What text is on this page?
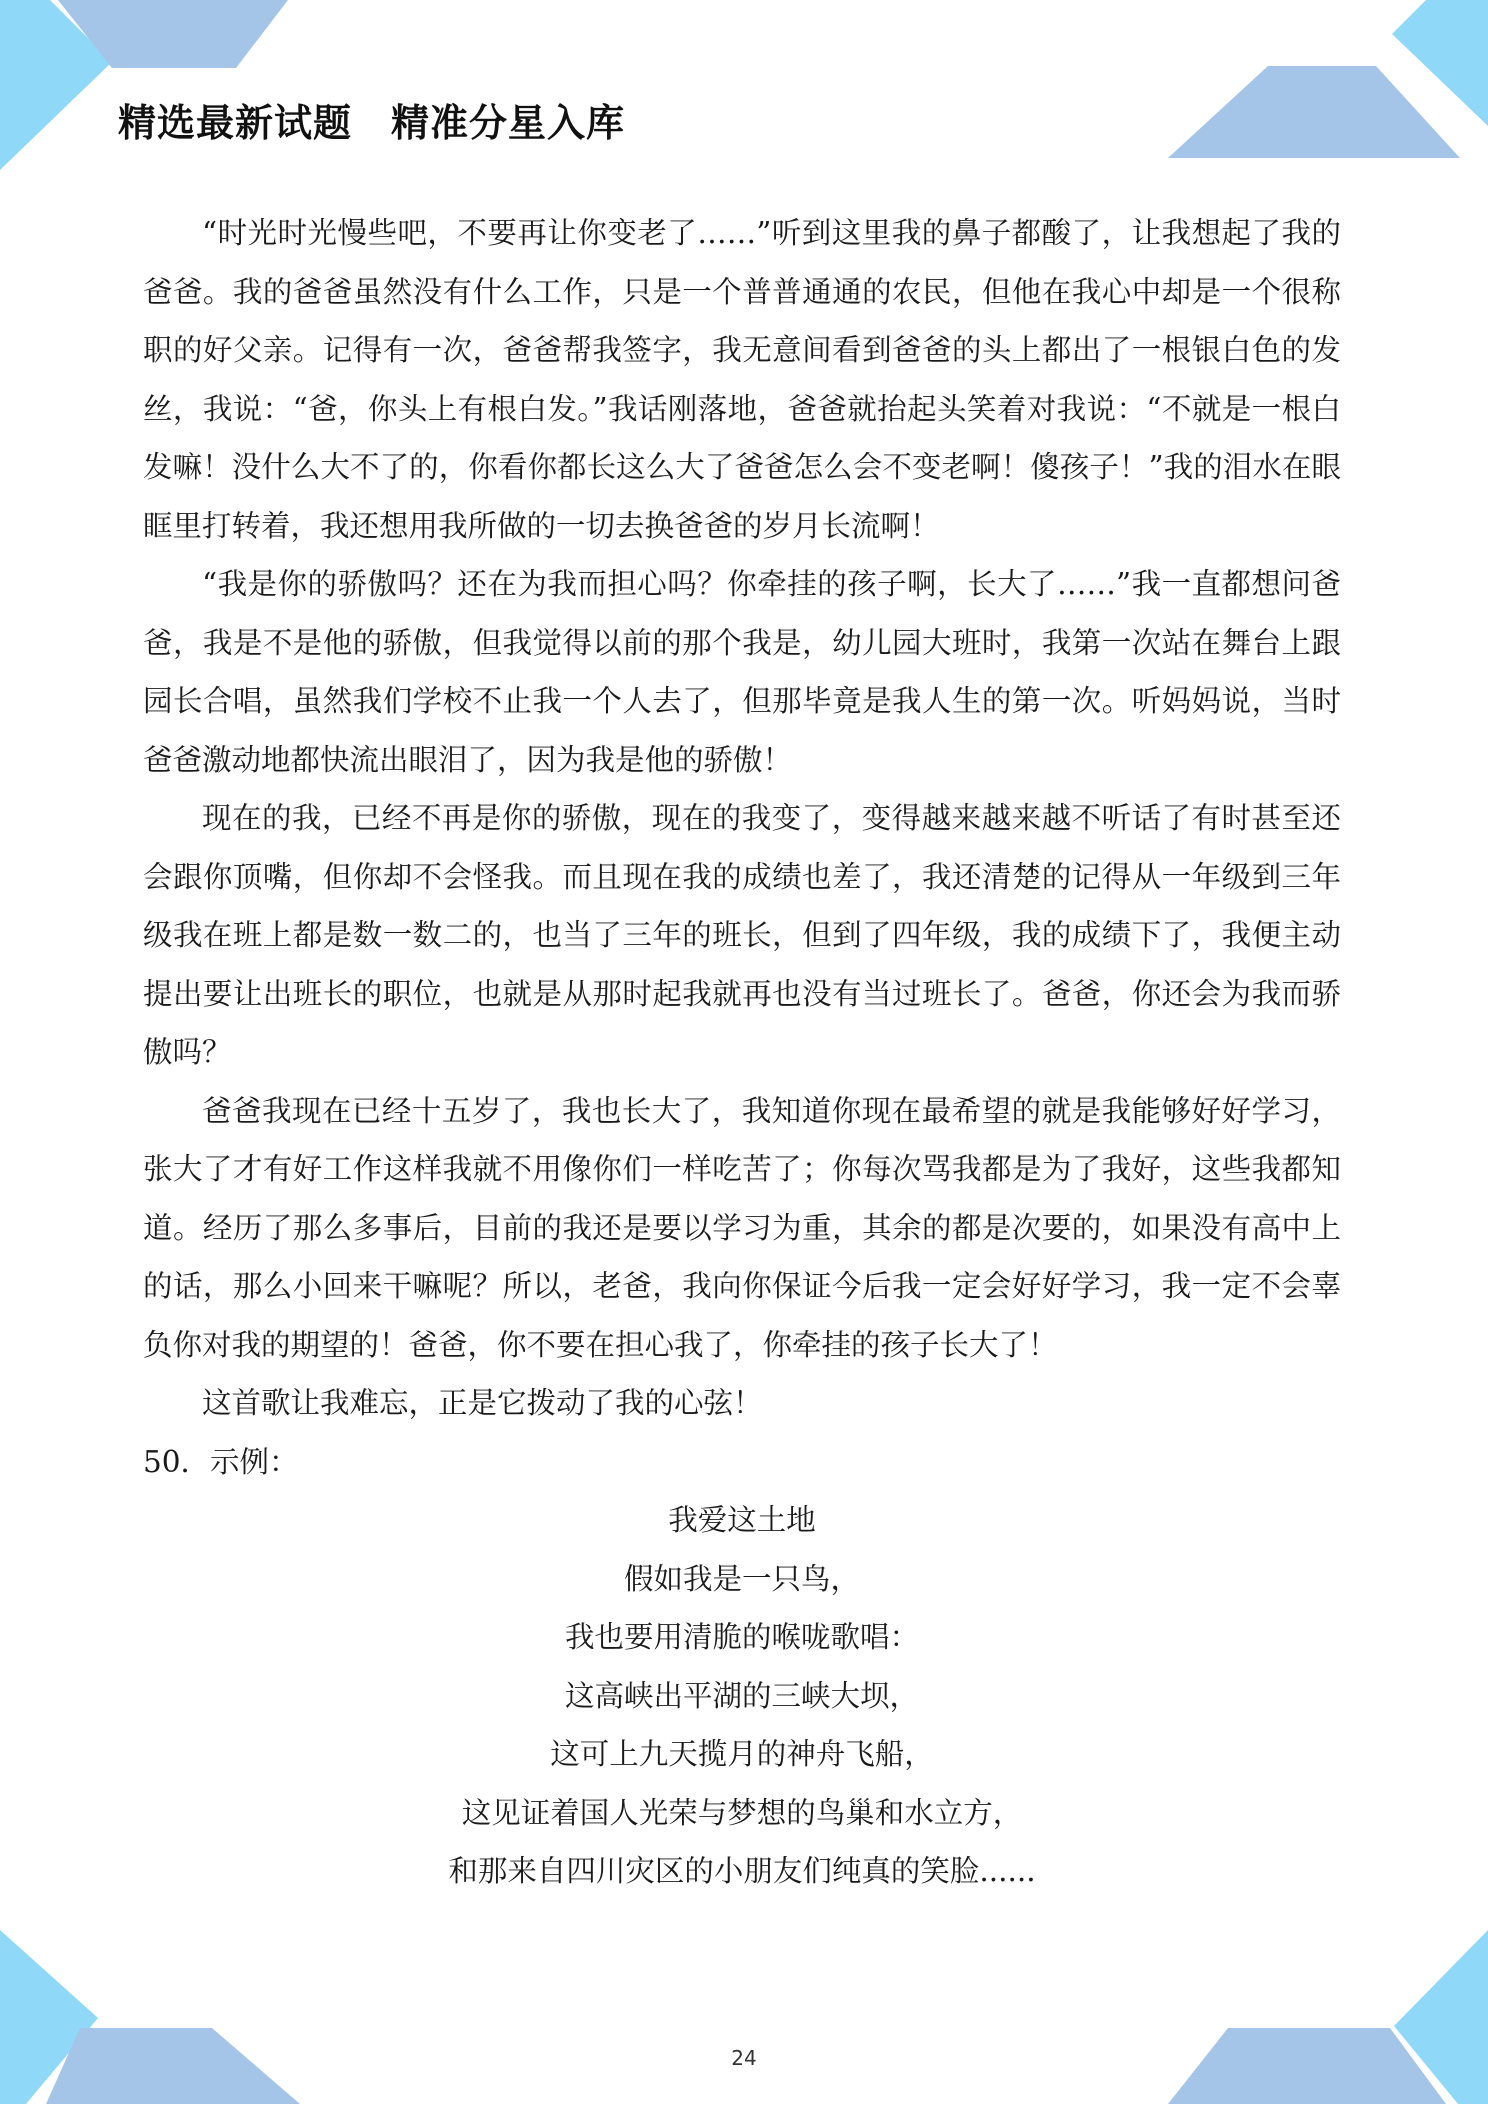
精选最新试题　精准分星入库

“时光时光慢些吧，不要再让你变老了……”听到这里我的鼻子都酸了，让我想起了我的爸爸。我的爸爸虽然没有什么工作，只是一个普普通通的农民，但他在我心中却是一个很称职的好父亲。记得有一次，爸爸帮我签字，我无意间看到爸爸的头上都出了一根银白色的发丝，我说：“爸，你头上有根白发。”我话刚落地，爸爸就抬起头笑着对我说：“不就是一根白发嘛！没什么大不了的，你看你都长这么大了爸爸怎么会不变老啊！傻孩子！”我的泪水在眼眶里打转着，我还想用我所做的一切去换爸爸的岁月长流啊！

“我是你的骄傲吗？还在为我而担心吗？你牵挂的孩子啊，长大了……”我一直都想问爸爸，我是不是他的骄傲，但我觉得以前的那个我是，幼儿园大班时，我第一次站在舞台上跟园长合唱，虽然我们学校不止我一个人去了，但那毕竟是我人生的第一次。听妈妈说，当时爸爸激动地都快流出眼泪了，因为我是他的骄傲！

现在的我，已经不再是你的骄傲，现在的我变了，变得越来越来越不听话了有时甚至还会跟你顶嘴，但你却不会怪我。而且现在我的成绩也差了，我还清楚的记得从一年级到三年级我在班上都是数一数二的，也当了三年的班长，但到了四年级，我的成绩下了，我便主动提出要让出班长的职位，也就是从那时起我就再也没有当过班长了。爸爸，你还会为我而骄傲吗？

爸爸我现在已经十五岁了，我也长大了，我知道你现在最希望的就是我能够好好学习，张大了才有好工作这样我就不用像你们一样吃苦了；你每次骂我都是为了我好，这些我都知道。经历了那么多事后，目前的我还是要以学习为重，其余的都是次要的，如果没有高中上的话，那么小回来干嘛呢？所以，老爸，我向你保证今后我一定会好好学习，我一定不会辜负你对我的期望的！爸爸，你不要在担心我了，你牵挂的孩子长大了！

这首歌让我难忘，正是它拨动了我的心弦！

50．示例：

我爱这土地
假如我是一只鸟，
我也要用清脆的喉咙歌唱：
这高峡出平湖的三峡大坝，
这可上九天揽月的神舟飞船，
这见证着国人光荣与梦想的鸟巢和水立方，
和那来自四川灾区的小朋友们纯真的笑脸......
24
